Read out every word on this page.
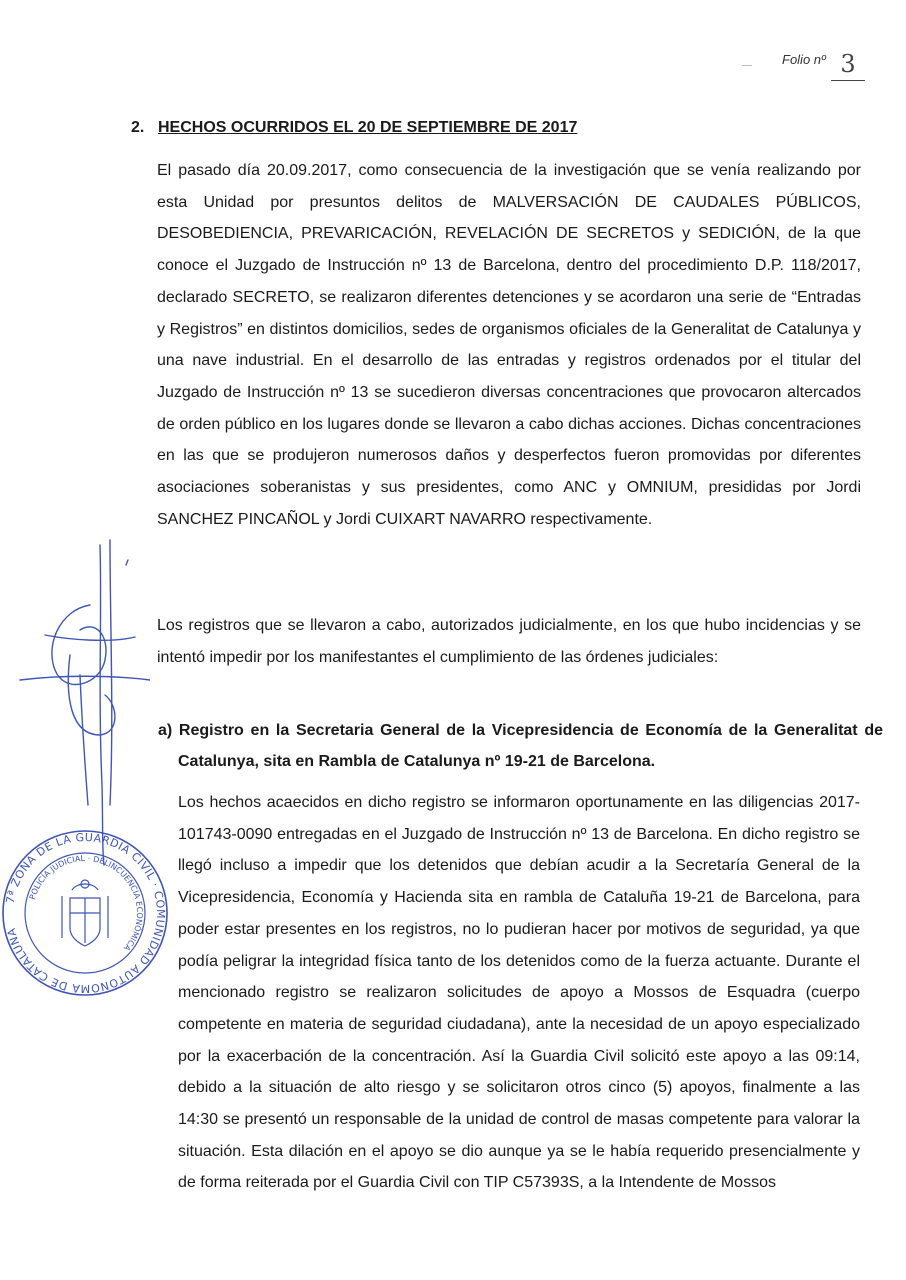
Folio nº 3
2. HECHOS OCURRIDOS EL 20 DE SEPTIEMBRE DE 2017

El pasado día 20.09.2017, como consecuencia de la investigación que se venía realizando por esta Unidad por presuntos delitos de MALVERSACIÓN DE CAUDALES PÚBLICOS, DESOBEDIENCIA, PREVARICACIÓN, REVELACIÓN DE SECRETOS y SEDICIÓN, de la que conoce el Juzgado de Instrucción nº 13 de Barcelona, dentro del procedimiento D.P. 118/2017, declarado SECRETO, se realizaron diferentes detenciones y se acordaron una serie de “Entradas y Registros” en distintos domicilios, sedes de organismos oficiales de la Generalitat de Catalunya y una nave industrial. En el desarrollo de las entradas y registros ordenados por el titular del Juzgado de Instrucción nº 13 se sucedieron diversas concentraciones que provocaron altercados de orden público en los lugares donde se llevaron a cabo dichas acciones. Dichas concentraciones en las que se produjeron numerosos daños y desperfectos fueron promovidas por diferentes asociaciones soberanistas y sus presidentes, como ANC y OMNIUM, presididas por Jordi SANCHEZ PINCAÑOL y Jordi CUIXART NAVARRO respectivamente.

Los registros que se llevaron a cabo, autorizados judicialmente, en los que hubo incidencias y se intentó impedir por los manifestantes el cumplimiento de las órdenes judiciales:

a) Registro en la Secretaria General de la Vicepresidencia de Economía de la Generalitat de Catalunya, sita en Rambla de Catalunya nº 19-21 de Barcelona.

Los hechos acaecidos en dicho registro se informaron oportunamente en las diligencias 2017-101743-0090 entregadas en el Juzgado de Instrucción nº 13 de Barcelona. En dicho registro se llegó incluso a impedir que los detenidos que debían acudir a la Secretaría General de la Vicepresidencia, Economía y Hacienda sita en rambla de Cataluña 19-21 de Barcelona, para poder estar presentes en los registros, no lo pudieran hacer por motivos de seguridad, ya que podía peligrar la integridad física tanto de los detenidos como de la fuerza actuante. Durante el mencionado registro se realizaron solicitudes de apoyo a Mossos de Esquadra (cuerpo competente en materia de seguridad ciudadana), ante la necesidad de un apoyo especializado por la exacerbación de la concentración. Así la Guardia Civil solicitó este apoyo a las 09:14, debido a la situación de alto riesgo y se solicitaron otros cinco (5) apoyos, finalmente a las 14:30 se presentó un responsable de la unidad de control de masas competente para valorar la situación. Esta dilación en el apoyo se dio aunque ya se le había requerido presencialmente y de forma reiterada por el Guardia Civil con TIP C57393S, a la Intendente de Mossos

7ª ZONA DE LA GUARDIA CIVIL · COMUNIDAD AUTÓNOMA DE CATALUÑA
POLICÍA JUDICIAL · DELINCUENCIA ECONÓMICA
